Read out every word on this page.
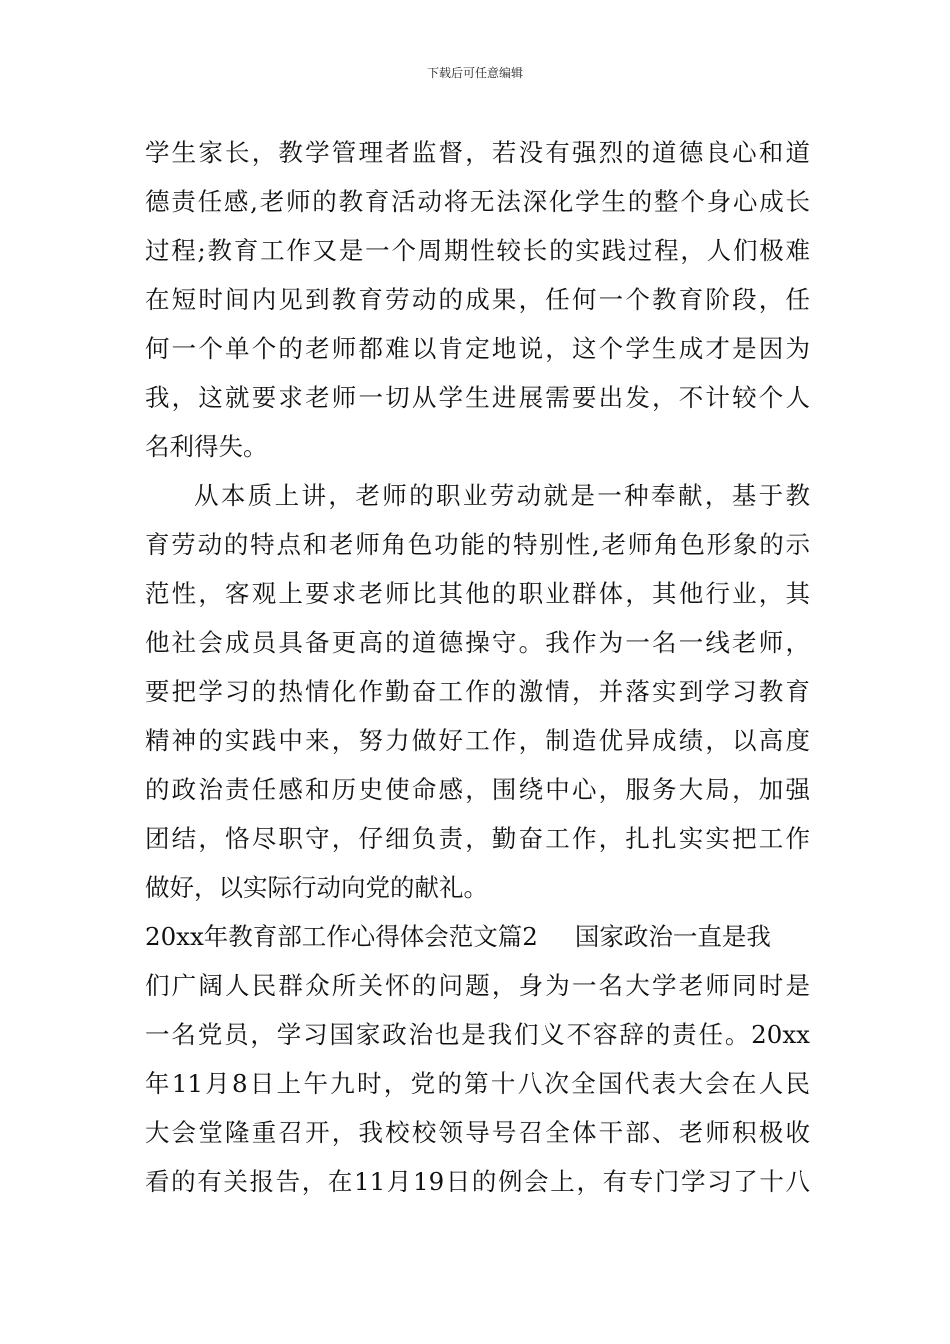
下载后可任意编辑
学生家长，教学管理者监督，若没有强烈的道德良心和道
德责任感,老师的教育活动将无法深化学生的整个身心成长
过程;教育工作又是一个周期性较长的实践过程，人们极难
在短时间内见到教育劳动的成果，任何一个教育阶段，任
何一个单个的老师都难以肯定地说，这个学生成才是因为
我，这就要求老师一切从学生进展需要出发，不计较个人
名利得失。
从本质上讲，老师的职业劳动就是一种奉献，基于教
育劳动的特点和老师角色功能的特别性,老师角色形象的示
范性，客观上要求老师比其他的职业群体，其他行业，其
他社会成员具备更高的道德操守。我作为一名一线老师，
要把学习的热情化作勤奋工作的激情，并落实到学习教育
精神的实践中来，努力做好工作，制造优异成绩，以高度
的政治责任感和历史使命感，围绕中心，服务大局，加强
团结，恪尽职守，仔细负责，勤奋工作，扎扎实实把工作
做好，以实际行动向党的献礼。
20xx年教育部工作心得体会范文篇2 国家政治一直是我
们广阔人民群众所关怀的问题，身为一名大学老师同时是
一名党员，学习国家政治也是我们义不容辞的责任。20xx
年11月8日上午九时，党的第十八次全国代表大会在人民
大会堂隆重召开，我校校领导号召全体干部、老师积极收
看的有关报告，在11月19日的例会上，有专门学习了十八
